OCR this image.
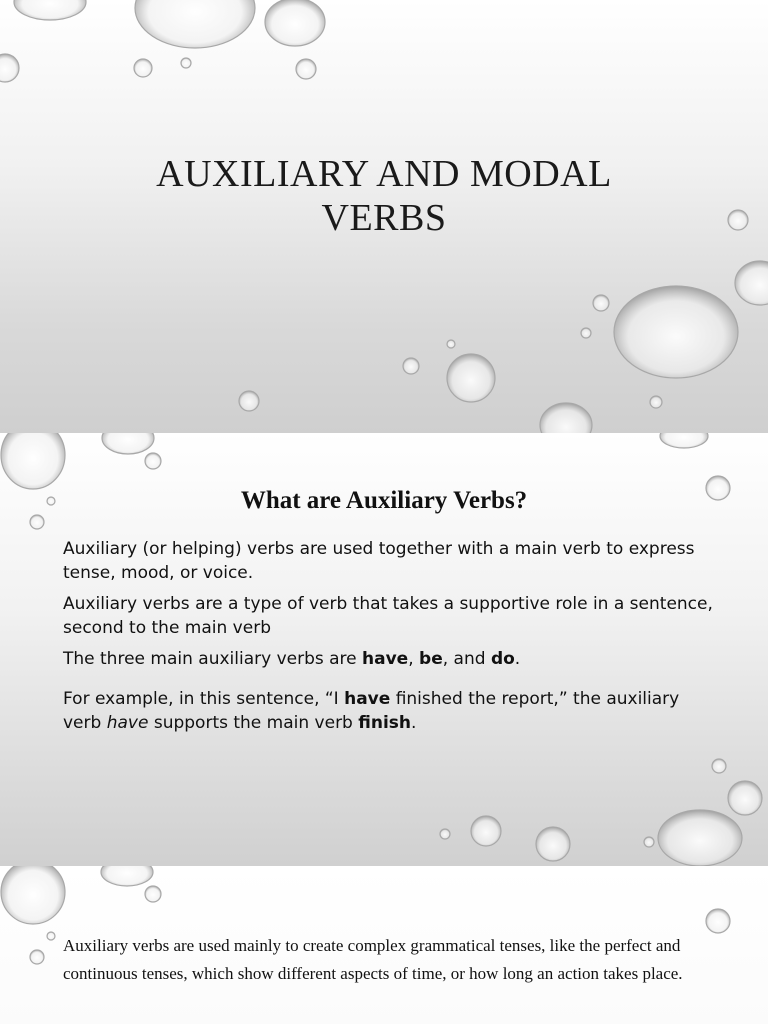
AUXILIARY AND MODAL
VERBS
What are Auxiliary Verbs?

Auxiliary (or helping) verbs are used together with a main verb to express tense, mood, or voice.

Auxiliary verbs are a type of verb that takes a supportive role in a sentence, second to the main verb

The three main auxiliary verbs are have, be, and do.

For example, in this sentence, “I have finished the report,” the auxiliary verb have supports the main verb finish.

Auxiliary verbs are used mainly to create complex grammatical tenses, like the perfect and continuous tenses, which show different aspects of time, or how long an action takes place.
